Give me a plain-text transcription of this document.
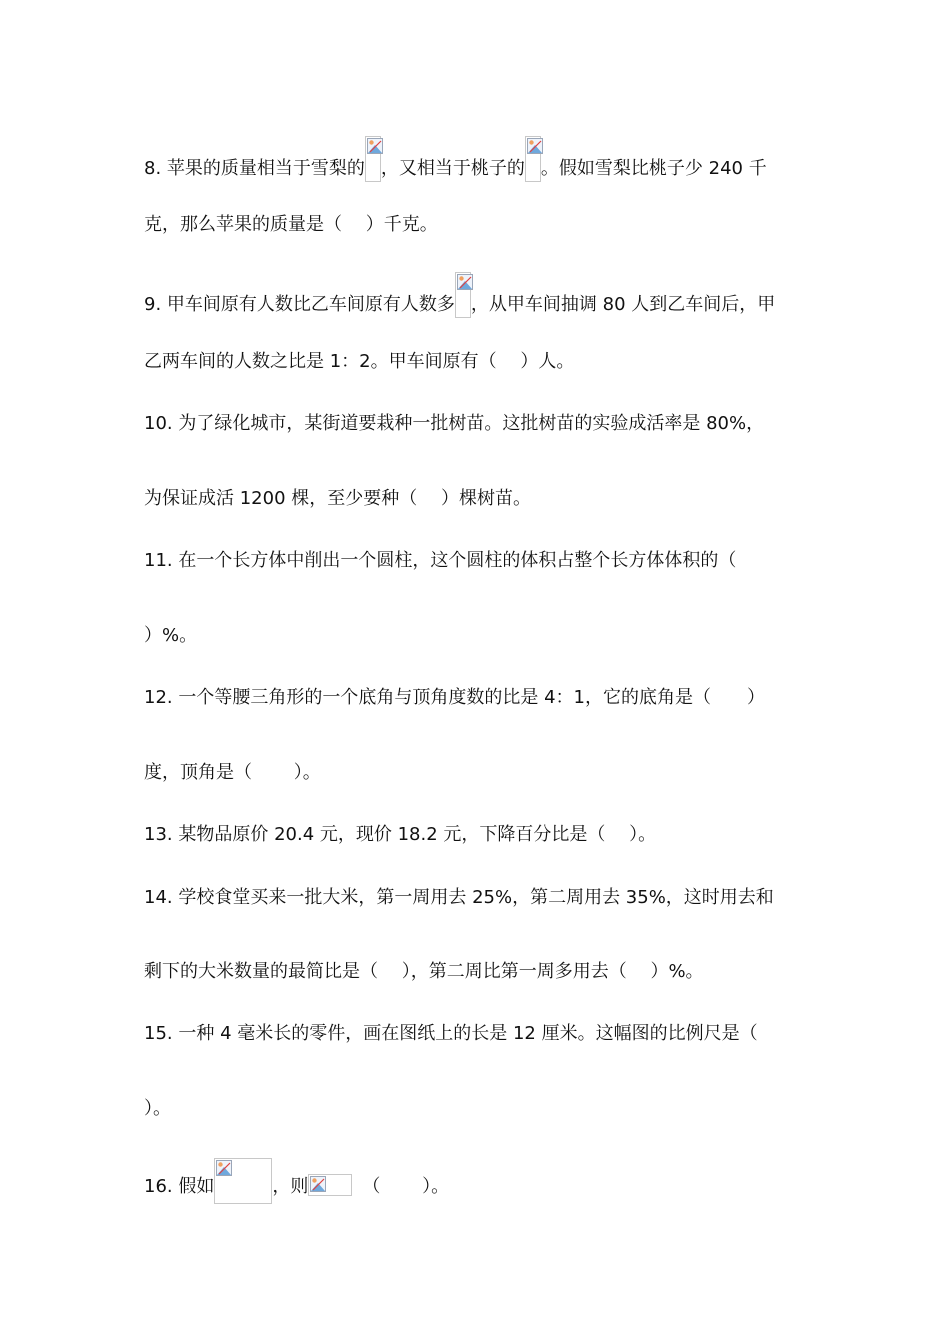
8. 苹果的质量相当于雪梨的 ，又相当于桃子的 。假如雪梨比桃子少 240 千
克，那么苹果的质量是（　 ）千克。
9. 甲车间原有人数比乙车间原有人数多 ，从甲车间抽调 80 人到乙车间后，甲
乙两车间的人数之比是 1：2。甲车间原有（　 ）人。
10. 为了绿化城市，某街道要栽种一批树苗。这批树苗的实验成活率是 80%，
为保证成活 1200 棵，至少要种（　 ）棵树苗。
11. 在一个长方体中削出一个圆柱，这个圆柱的体积占整个长方体体积的（
）%。
12. 一个等腰三角形的一个底角与顶角度数的比是 4：1，它的底角是（　　）
度，顶角是（　　 ）。
13. 某物品原价 20.4 元，现价 18.2 元，下降百分比是（　 ）。
14. 学校食堂买来一批大米，第一周用去 25%，第二周用去 35%，这时用去和
剩下的大米数量的最简比是（　 ），第二周比第一周多用去（　 ）%。
15. 一种 4 毫米长的零件，画在图纸上的长是 12 厘米。这幅图的比例尺是（
）。
16. 假如	，则	（　　 ）。
